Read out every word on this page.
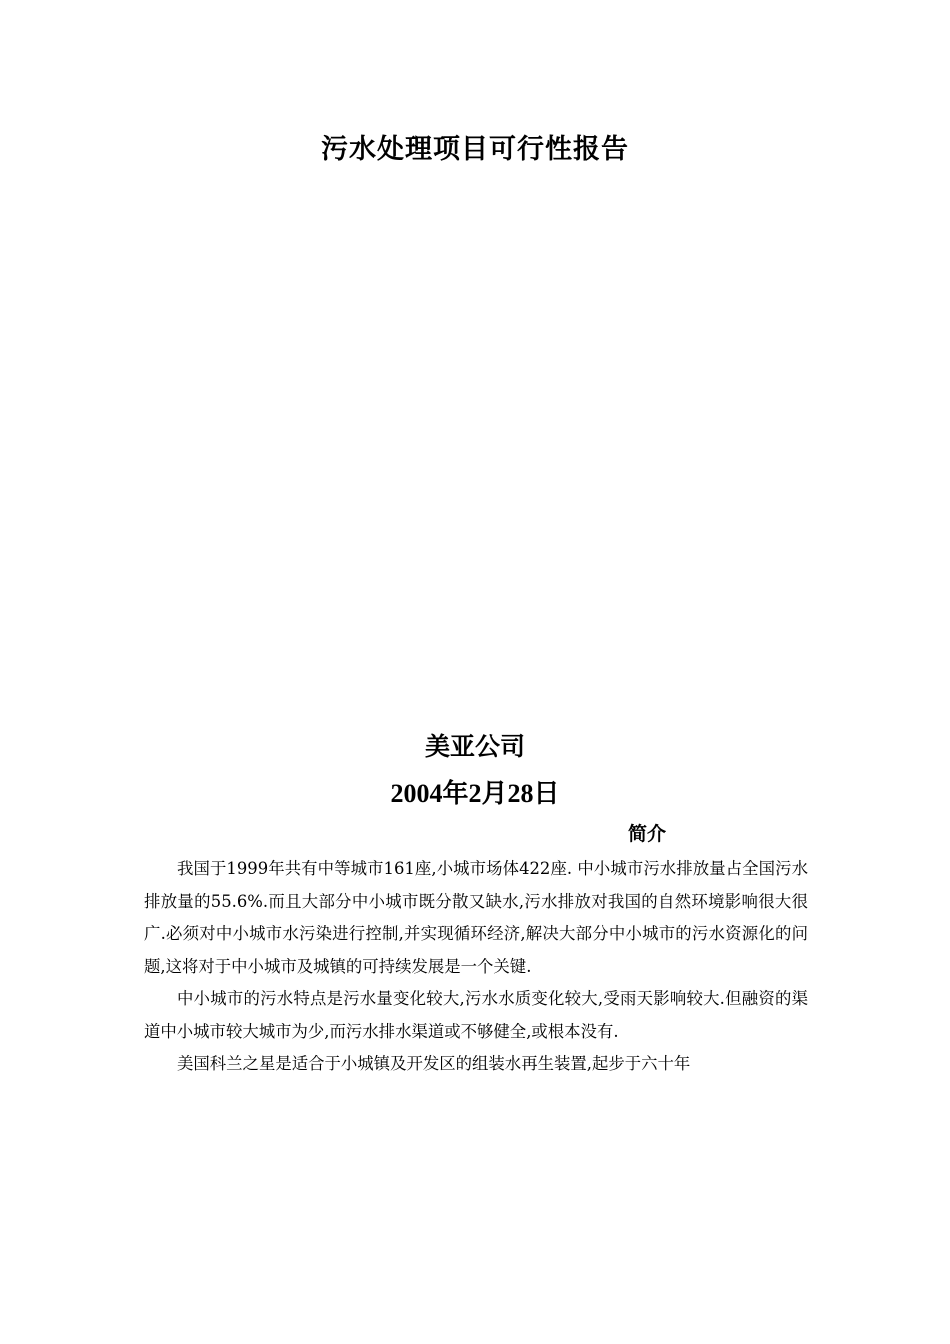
污水处理项目可行性报告
美亚公司
2004年2月28日
简介

我国于1999年共有中等城市161座,小城市场体422座. 中小城市污水排放量占全国污水排放量的55.6%.而且大部分中小城市既分散又缺水,污水排放对我国的自然环境影响很大很广.必须对中小城市水污染进行控制,并实现循环经济,解决大部分中小城市的污水资源化的问题,这将对于中小城市及城镇的可持续发展是一个关键.

中小城市的污水特点是污水量变化较大,污水水质变化较大,受雨天影响较大.但融资的渠道中小城市较大城市为少,而污水排水渠道或不够健全,或根本没有.

美国科兰之星是适合于小城镇及开发区的组装水再生装置,起步于六十年
